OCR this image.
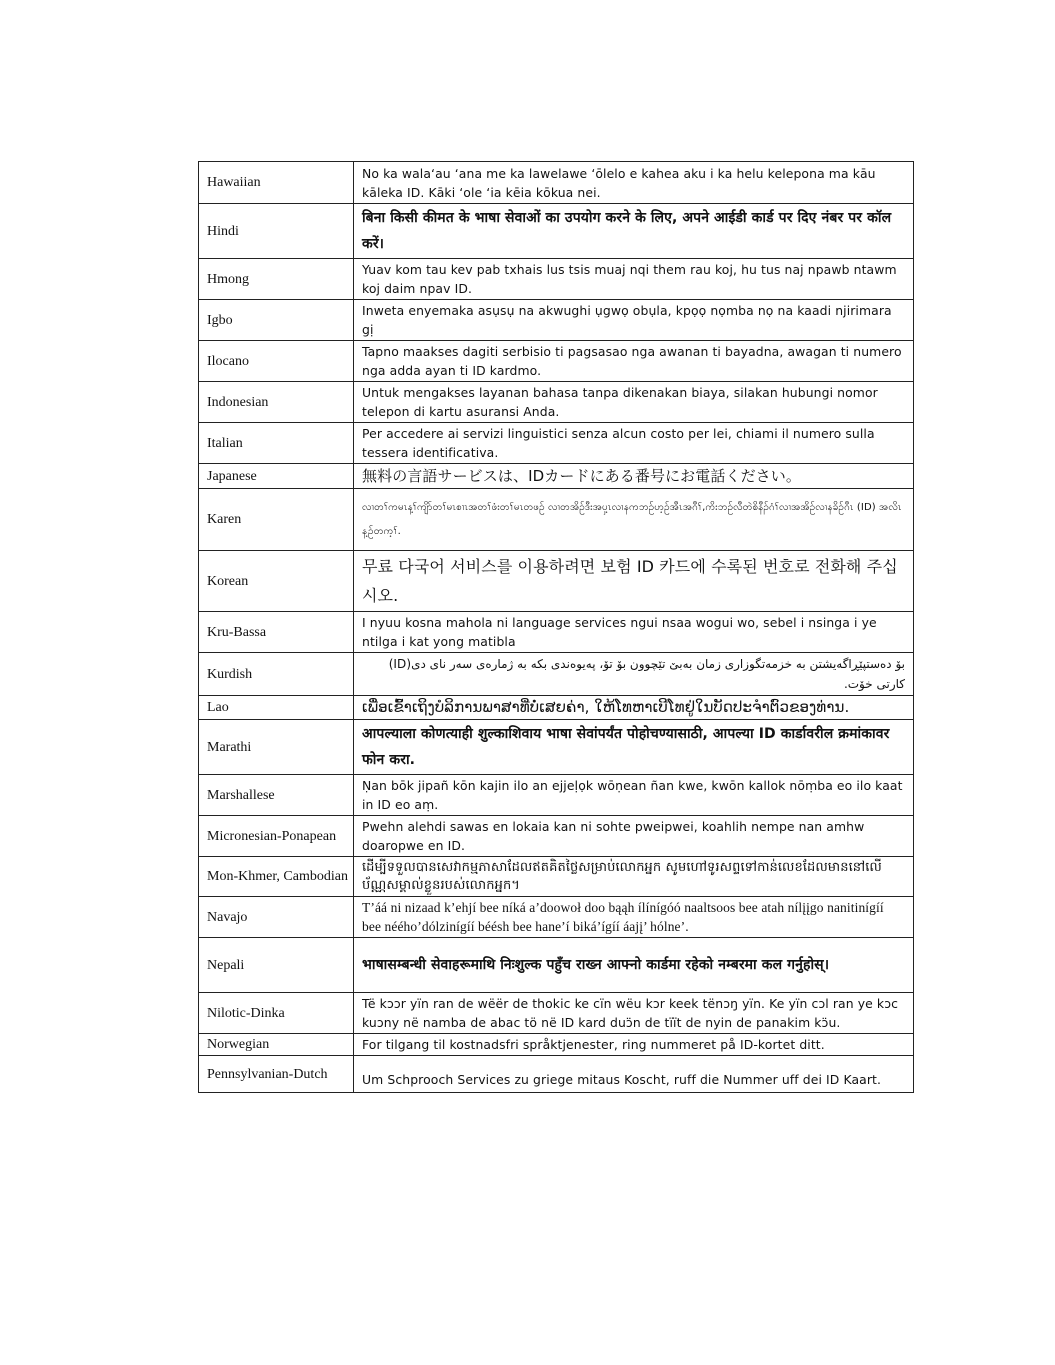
Hawaiian	No ka wala‘au ‘ana me ka lawelawe ‘ōlelo e kahea aku i ka helu kelepona ma kāu kāleka ID. Kāki ‘ole ‘ia kēia kōkua nei.
Hindi	बिना किसी कीमत के भाषा सेवाओं का उपयोग करने के लिए, अपने आईडी कार्ड पर दिए नंबर पर कॉल करें।
Hmong	Yuav kom tau kev pab txhais lus tsis muaj nqi them rau koj, hu tus naj npawb ntawm koj daim npav ID.
Igbo	Inweta enyemaka asụsụ na akwughi ụgwọ obụla, kpọọ nọmba nọ na kaadi njirimara gị
Ilocano	Tapno maakses dagiti serbisio ti pagsasao nga awanan ti bayadna, awagan ti numero nga adda ayan ti ID kardmo.
Indonesian	Untuk mengakses layanan bahasa tanpa dikenakan biaya, silakan hubungi nomor telepon di kartu asuransi Anda.
Italian	Per accedere ai servizi linguistici senza alcun costo per lei, chiami il numero sulla tessera identificativa.
Japanese	無料の言語サービスは、IDカードにある番号にお電話ください。
Karen	လၢတၢ်ကမၤန့ၢ်ကျိာ်တၢ်မၤစၢၤအတၢ်ဖံးတၢ်မၤတဖဉ် လၢတအိဉ်ဒီးအပှ့ၤလၢနကဘဉ်ဟ့ဉ်အီၤအဂီၢ်,ကိးဘဉ်လီတဲစိနီၣ်ဂံၢ်လၢအအိဉ်လၢနခိဉ်ဂီၤ (ID) အလိၤန့ဉ်တက့ၢ်.
Korean	무료 다국어 서비스를 이용하려면 보험 ID 카드에 수록된 번호로 전화해 주십시오.
Kru-Bassa	I nyuu kosna mahola ni language services ngui nsaa wogui wo, sebel i nsinga i ye ntilga i kat yong matibla
Kurdish	بۆ دەستپێڕاگەیشتن بە خزمەتگوزاری زمان بەبێ تێچوون بۆ تۆ، پەیوەندی بکە بە ژمارەی سەر نای دی(ID) کارتی خۆت.
Lao	ເພື່ອເຂົ້າເຖິງບໍລິການພາສາທີ່ບໍ່ເສຍຄ່າ, ໃຫ້ໂທຫາເບີໂທຢູ່ໃນບັດປະຈໍາຕົວຂອງທ່ານ.
Marathi	आपल्याला कोणत्याही शुल्काशिवाय भाषा सेवांपर्यंत पोहोचण्यासाठी, आपल्या ID कार्डावरील क्रमांकावर फोन करा.
Marshallese	Ṇan bōk jipañ kōn kajin ilo an ejjeḷọk wōṇean ñan kwe, kwōn kallok nōṃba eo ilo kaat in ID eo aṃ.
Micronesian-Ponapean	Pwehn alehdi sawas en lokaia kan ni sohte pweipwei, koahlih nempe nan amhw doaropwe en ID.
Mon-Khmer, Cambodian	ដើម្បីទទួលបានសេវាកម្មភាសាដែលឥតគិតថ្លៃសម្រាប់លោកអ្នក សូមហៅទូរសព្ទទៅកាន់លេខដែលមាននៅលើប័ណ្ណសម្គាល់ខ្លួនរបស់លោកអ្នក។
Navajo	T’áá ni nizaad k’ehjí bee níká a’doowoł doo bąąh ílínígóó naaltsoos bee atah nílįįgo nanitinígíí bee néého’dólzinígíí béésh bee hane’í biká’ígíí áajį’ hólne’.
Nepali	भाषासम्बन्धी सेवाहरूमाथि निःशुल्क पहुँच राख्न आफ्नो कार्डमा रहेको नम्बरमा कल गर्नुहोस्।
Nilotic-Dinka	Të kɔɔr yïn ran de wëër de thokic ke cïn wëu kɔr keek tënɔŋ yïn. Ke yïn cɔl ran ye kɔc kuɔny në namba de abac tö në ID kard duɔ̈n de tïït de nyin de panakim kɔ̈u.
Norwegian	For tilgang til kostnadsfri språktjenester, ring nummeret på ID-kortet ditt.
Pennsylvanian-Dutch	Um Schprooch Services zu griege mitaus Koscht, ruff die Nummer uff dei ID Kaart.
